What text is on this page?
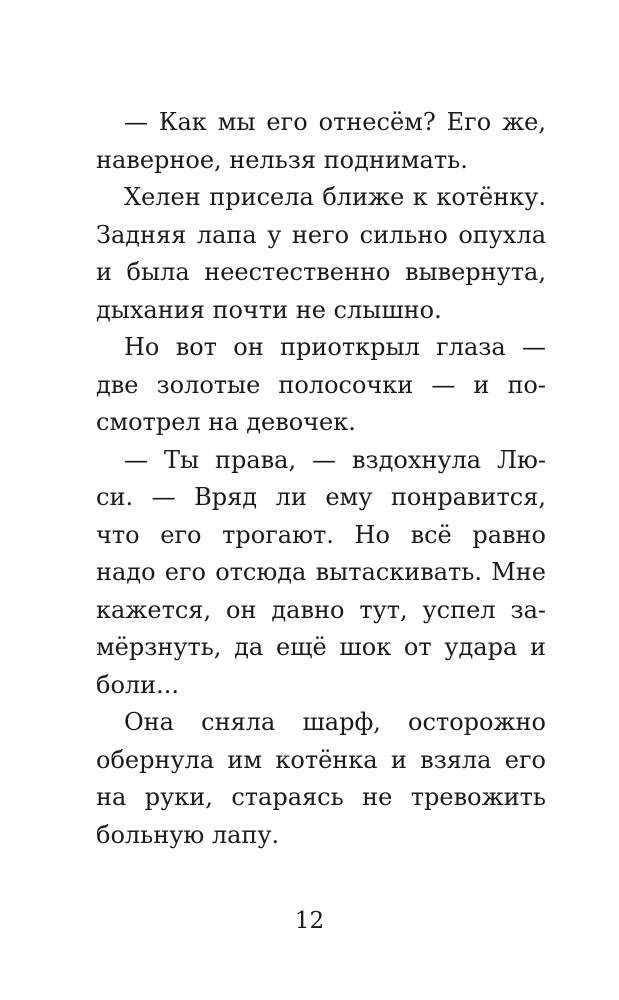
— Как мы его отнесём? Его же,
наверное, нельзя поднимать.
Хелен присела ближе к котёнку.
Задняя лапа у него сильно опухла
и была неестественно вывернута,
дыхания почти не слышно.
Но вот он приоткрыл глаза —
две золотые полосочки — и по-
смотрел на девочек.
— Ты права, — вздохнула Лю-
си. — Вряд ли ему понравится,
что его трогают. Но всё равно
надо его отсюда вытаскивать. Мне
кажется, он давно тут, успел за-
мёрзнуть, да ещё шок от удара и
боли...
Она сняла шарф, осторожно
обернула им котёнка и взяла его
на руки, стараясь не тревожить
больную лапу.
12
